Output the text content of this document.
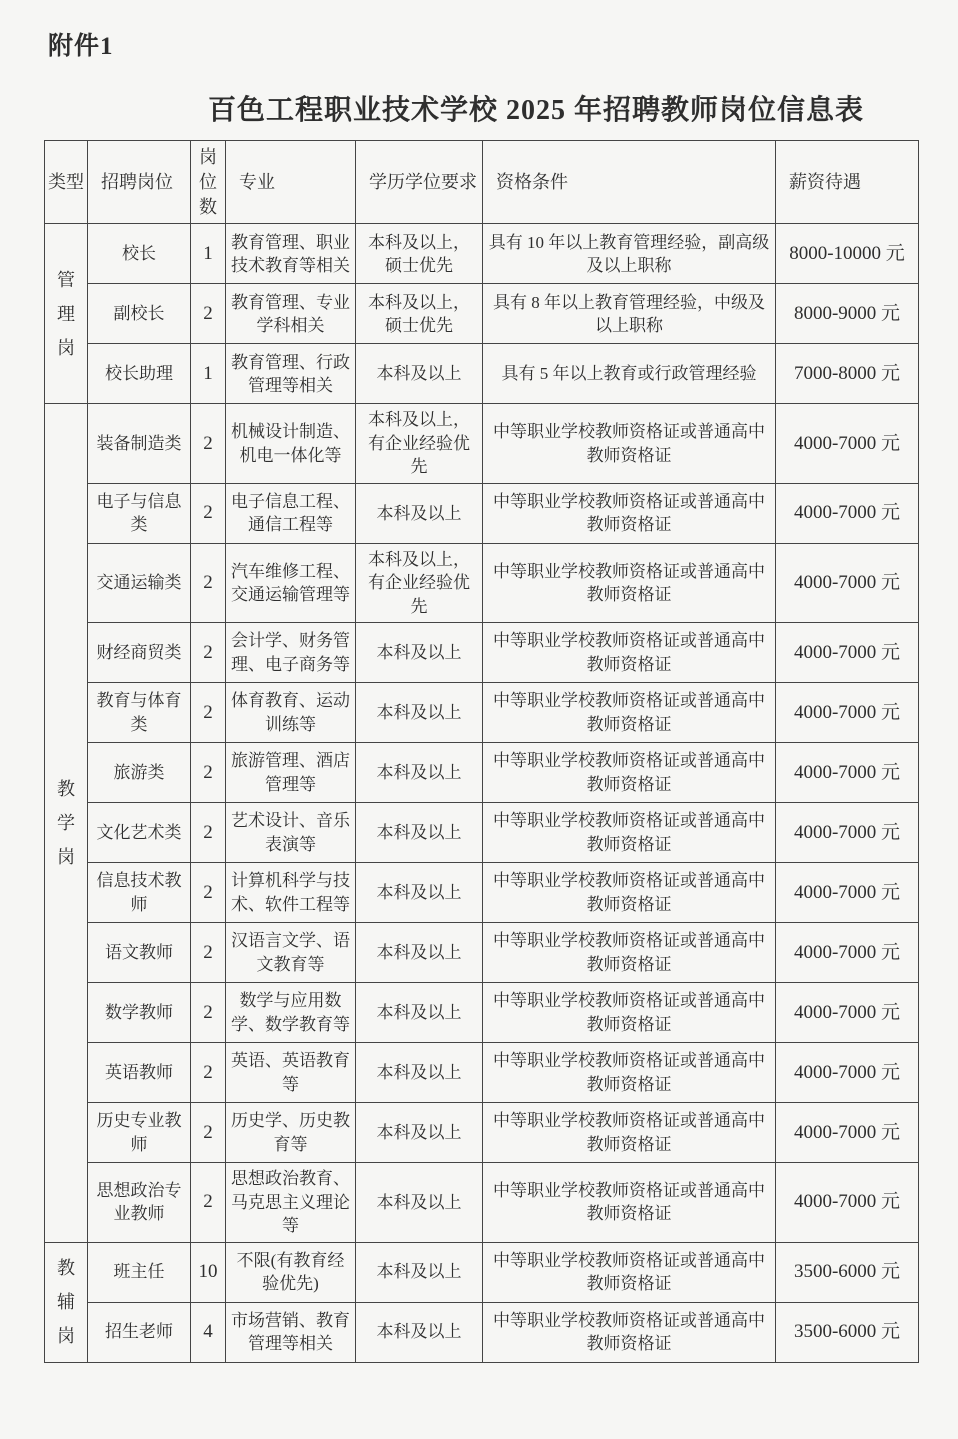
附件1
百色工程职业技术学校 2025 年招聘教师岗位信息表
类型	招聘岗位	岗位数	专业	学历学位要求	资格条件	薪资待遇
管理岗	校长	1	教育管理、职业技术教育等相关	本科及以上，硕士优先	具有 10 年以上教育管理经验，副高级及以上职称	8000-10000 元
	副校长	2	教育管理、专业学科相关	本科及以上，硕士优先	具有 8 年以上教育管理经验，中级及以上职称	8000-9000 元
	校长助理	1	教育管理、行政管理等相关	本科及以上	具有 5 年以上教育或行政管理经验	7000-8000 元
教学岗	装备制造类	2	机械设计制造、机电一体化等	本科及以上，有企业经验优先	中等职业学校教师资格证或普通高中教师资格证	4000-7000 元
	电子与信息类	2	电子信息工程、通信工程等	本科及以上	中等职业学校教师资格证或普通高中教师资格证	4000-7000 元
	交通运输类	2	汽车维修工程、交通运输管理等	本科及以上，有企业经验优先	中等职业学校教师资格证或普通高中教师资格证	4000-7000 元
	财经商贸类	2	会计学、财务管理、电子商务等	本科及以上	中等职业学校教师资格证或普通高中教师资格证	4000-7000 元
	教育与体育类	2	体育教育、运动训练等	本科及以上	中等职业学校教师资格证或普通高中教师资格证	4000-7000 元
	旅游类	2	旅游管理、酒店管理等	本科及以上	中等职业学校教师资格证或普通高中教师资格证	4000-7000 元
	文化艺术类	2	艺术设计、音乐表演等	本科及以上	中等职业学校教师资格证或普通高中教师资格证	4000-7000 元
	信息技术教师	2	计算机科学与技术、软件工程等	本科及以上	中等职业学校教师资格证或普通高中教师资格证	4000-7000 元
	语文教师	2	汉语言文学、语文教育等	本科及以上	中等职业学校教师资格证或普通高中教师资格证	4000-7000 元
	数学教师	2	数学与应用数学、数学教育等	本科及以上	中等职业学校教师资格证或普通高中教师资格证	4000-7000 元
	英语教师	2	英语、英语教育等	本科及以上	中等职业学校教师资格证或普通高中教师资格证	4000-7000 元
	历史专业教师	2	历史学、历史教育等	本科及以上	中等职业学校教师资格证或普通高中教师资格证	4000-7000 元
	思想政治专业教师	2	思想政治教育、马克思主义理论等	本科及以上	中等职业学校教师资格证或普通高中教师资格证	4000-7000 元
教辅岗	班主任	10	不限(有教育经验优先)	本科及以上	中等职业学校教师资格证或普通高中教师资格证	3500-6000 元
	招生老师	4	市场营销、教育管理等相关	本科及以上	中等职业学校教师资格证或普通高中教师资格证	3500-6000 元
